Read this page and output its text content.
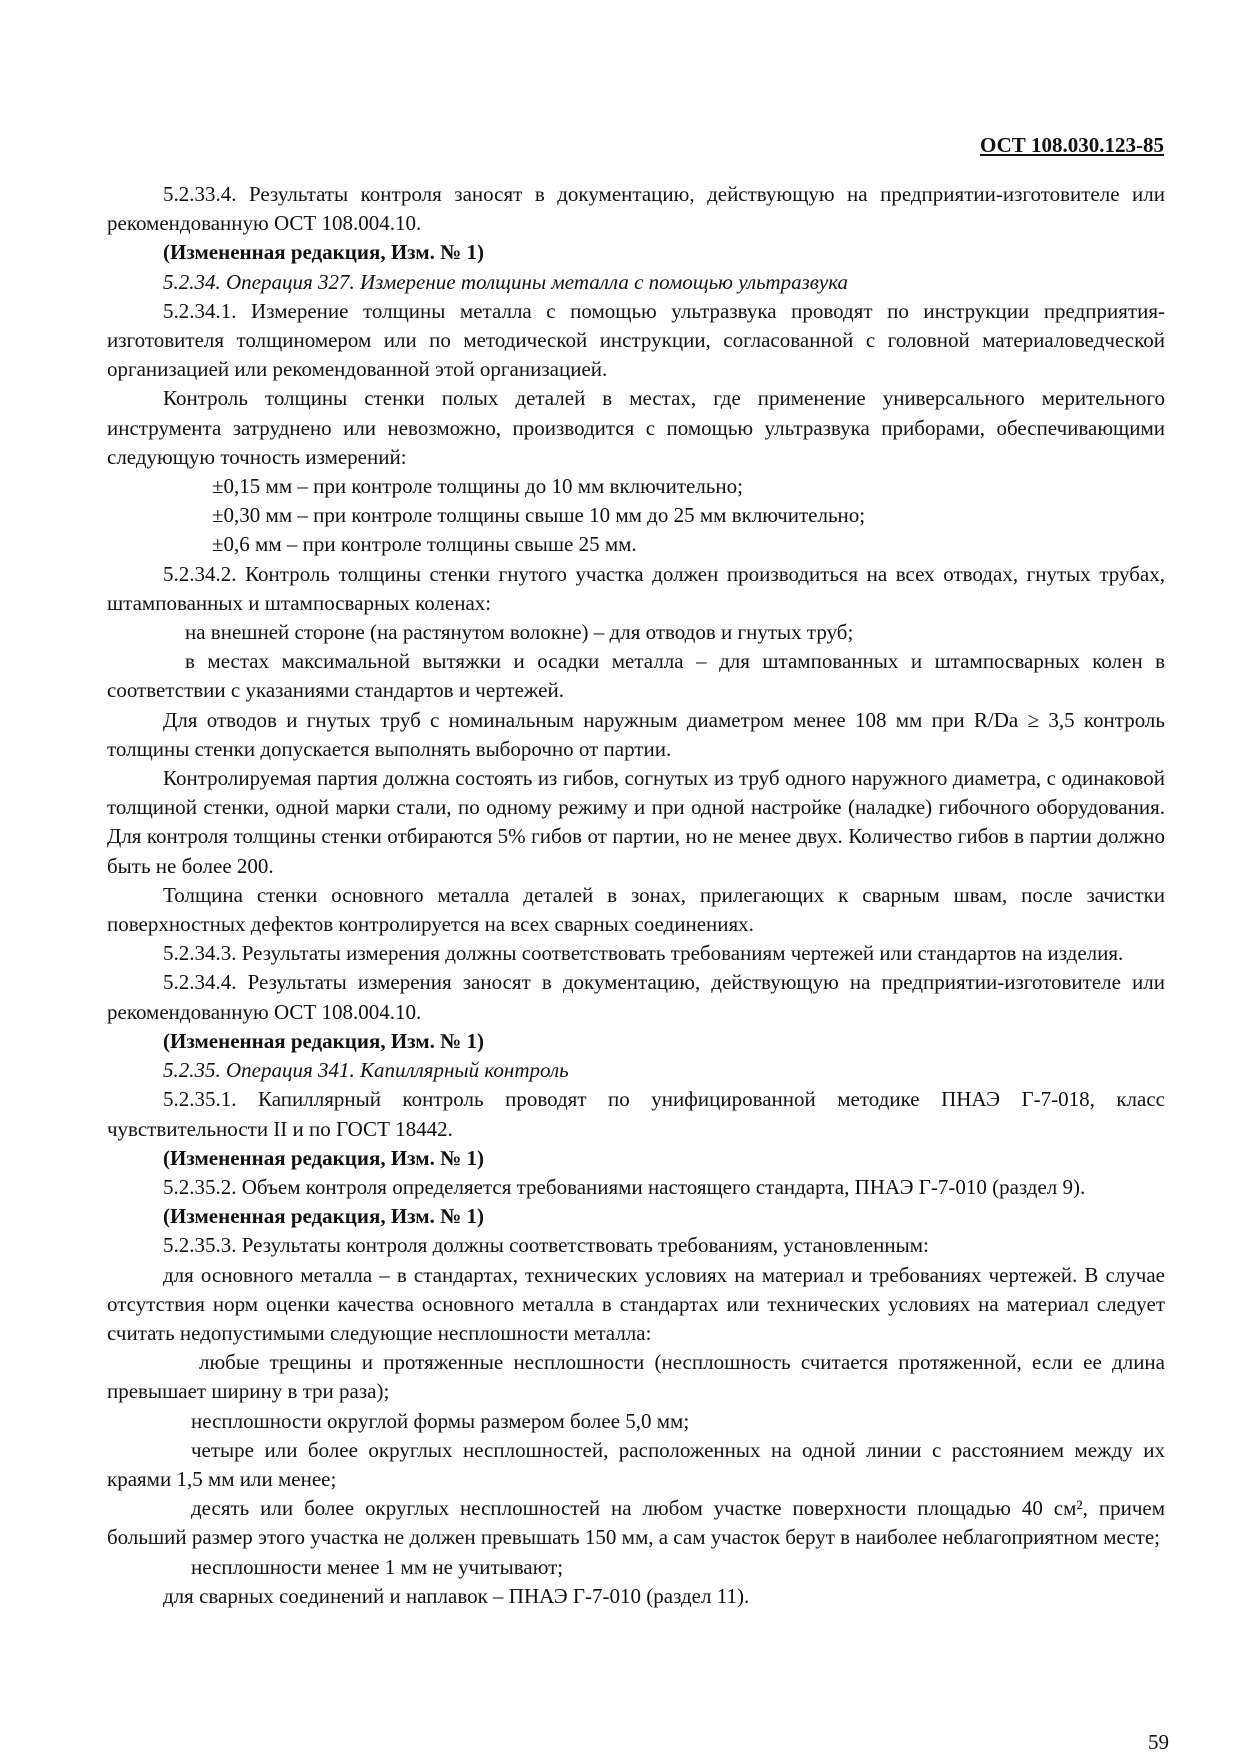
ОСТ 108.030.123-85

5.2.33.4. Результаты контроля заносят в документацию, действующую на предприятии-изготовителе или рекомендованную ОСТ 108.004.10.

(Измененная редакция, Изм. № 1)

5.2.34. Операция 327. Измерение толщины металла с помощью ультразвука

5.2.34.1. Измерение толщины металла с помощью ультразвука проводят по инструкции предприятия-изготовителя толщиномером или по методической инструкции, согласованной с головной материаловедческой организацией или рекомендованной этой организацией.

Контроль толщины стенки полых деталей в местах, где применение универсального мерительного инструмента затруднено или невозможно, производится с помощью ультразвука приборами, обеспечивающими следующую точность измерений:

±0,15 мм – при контроле толщины до 10 мм включительно;

±0,30 мм – при контроле толщины свыше 10 мм до 25 мм включительно;

±0,6 мм – при контроле толщины свыше 25 мм.

5.2.34.2. Контроль толщины стенки гнутого участка должен производиться на всех отводах, гнутых трубах, штампованных и штампосварных коленах:

на внешней стороне (на растянутом волокне) – для отводов и гнутых труб;

в местах максимальной вытяжки и осадки металла – для штампованных и штампосварных колен в соответствии с указаниями стандартов и чертежей.

Для отводов и гнутых труб с номинальным наружным диаметром менее 108 мм при R/Da ≥ 3,5 контроль толщины стенки допускается выполнять выборочно от партии.

Контролируемая партия должна состоять из гибов, согнутых из труб одного наружного диаметра, с одинаковой толщиной стенки, одной марки стали, по одному режиму и при одной настройке (наладке) гибочного оборудования. Для контроля толщины стенки отбираются 5% гибов от партии, но не менее двух. Количество гибов в партии должно быть не более 200.

Толщина стенки основного металла деталей в зонах, прилегающих к сварным швам, после зачистки поверхностных дефектов контролируется на всех сварных соединениях.

5.2.34.3. Результаты измерения должны соответствовать требованиям чертежей или стандартов на изделия.

5.2.34.4. Результаты измерения заносят в документацию, действующую на предприятии-изготовителе или рекомендованную ОСТ 108.004.10.

(Измененная редакция, Изм. № 1)

5.2.35. Операция 341. Капиллярный контроль

5.2.35.1. Капиллярный контроль проводят по унифицированной методике ПНАЭ Г-7-018, класс чувствительности II и по ГОСТ 18442.

(Измененная редакция, Изм. № 1)

5.2.35.2. Объем контроля определяется требованиями настоящего стандарта, ПНАЭ Г-7-010 (раздел 9).

(Измененная редакция, Изм. № 1)

5.2.35.3. Результаты контроля должны соответствовать требованиям, установленным:

для основного металла – в стандартах, технических условиях на материал и требованиях чертежей. В случае отсутствия норм оценки качества основного металла в стандартах или технических условиях на материал следует считать недопустимыми следующие несплошности металла:

любые трещины и протяженные несплошности (несплошность считается протяженной, если ее длина превышает ширину в три раза);

несплошности округлой формы размером более 5,0 мм;

четыре или более округлых несплошностей, расположенных на одной линии с расстоянием между их краями 1,5 мм или менее;

десять или более округлых несплошностей на любом участке поверхности площадью 40 см², причем больший размер этого участка не должен превышать 150 мм, а сам участок берут в наиболее неблагоприятном месте;

несплошности менее 1 мм не учитывают;

для сварных соединений и наплавок – ПНАЭ Г-7-010 (раздел 11).

59
